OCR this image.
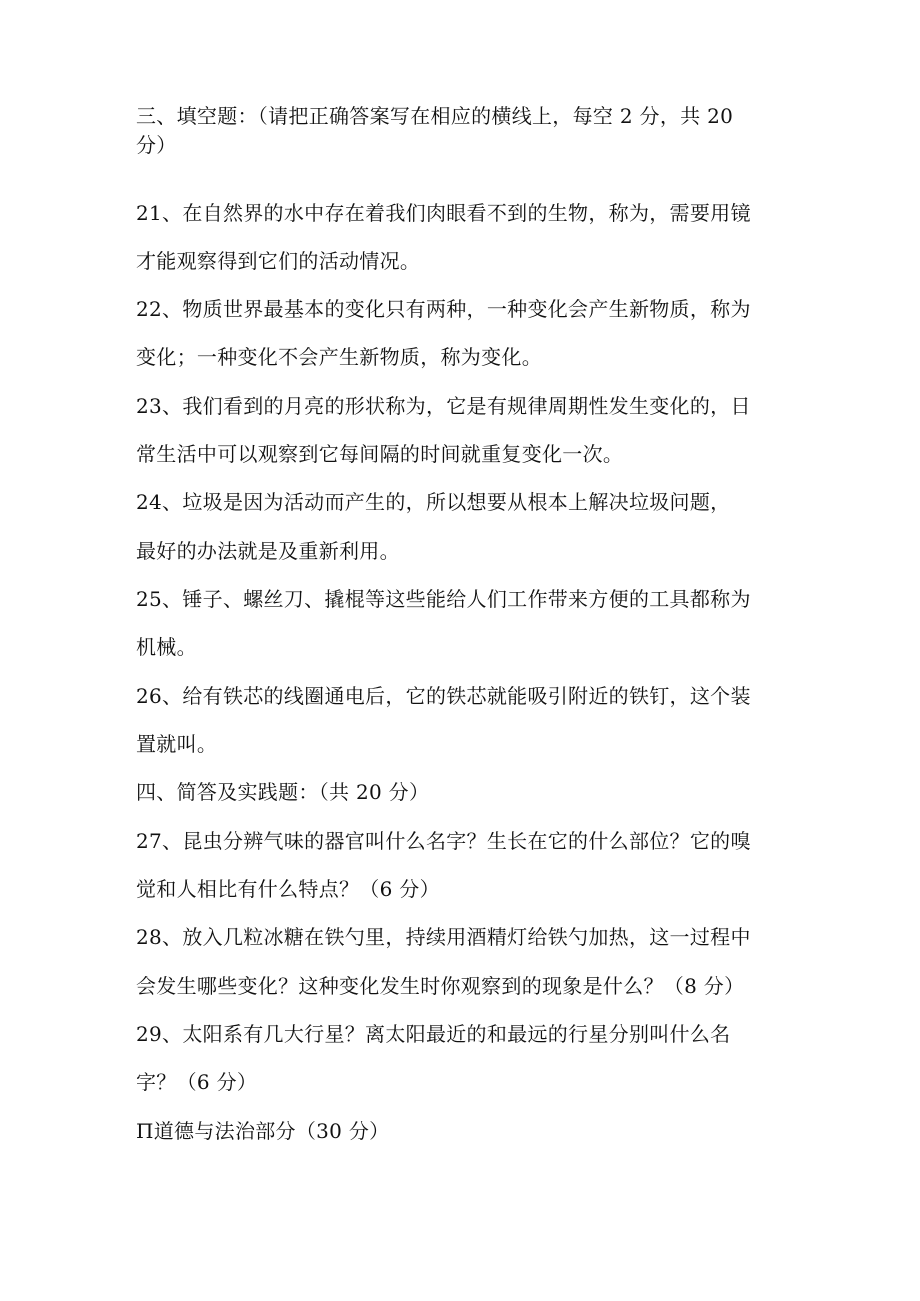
三、填空题：（请把正确答案写在相应的横线上，每空 2 分，共 20
分）
21、在自然界的水中存在着我们肉眼看不到的生物，称为，需要用镜
才能观察得到它们的活动情况。
22、物质世界最基本的变化只有两种，一种变化会产生新物质，称为
变化；一种变化不会产生新物质，称为变化。
23、我们看到的月亮的形状称为，它是有规律周期性发生变化的，日
常生活中可以观察到它每间隔的时间就重复变化一次。
24、垃圾是因为活动而产生的，所以想要从根本上解决垃圾问题，
最好的办法就是及重新利用。
25、锤子、螺丝刀、撬棍等这些能给人们工作带来方便的工具都称为
机械。
26、给有铁芯的线圈通电后，它的铁芯就能吸引附近的铁钉，这个装
置就叫。
四、简答及实践题：（共 20 分）
27、昆虫分辨气味的器官叫什么名字？生长在它的什么部位？它的嗅
觉和人相比有什么特点？（6 分）
28、放入几粒冰糖在铁勺里，持续用酒精灯给铁勺加热，这一过程中
会发生哪些变化？这种变化发生时你观察到的现象是什么？（8 分）
29、太阳系有几大行星？离太阳最近的和最远的行星分别叫什么名
字？（6 分）
Π道德与法治部分（30 分）
